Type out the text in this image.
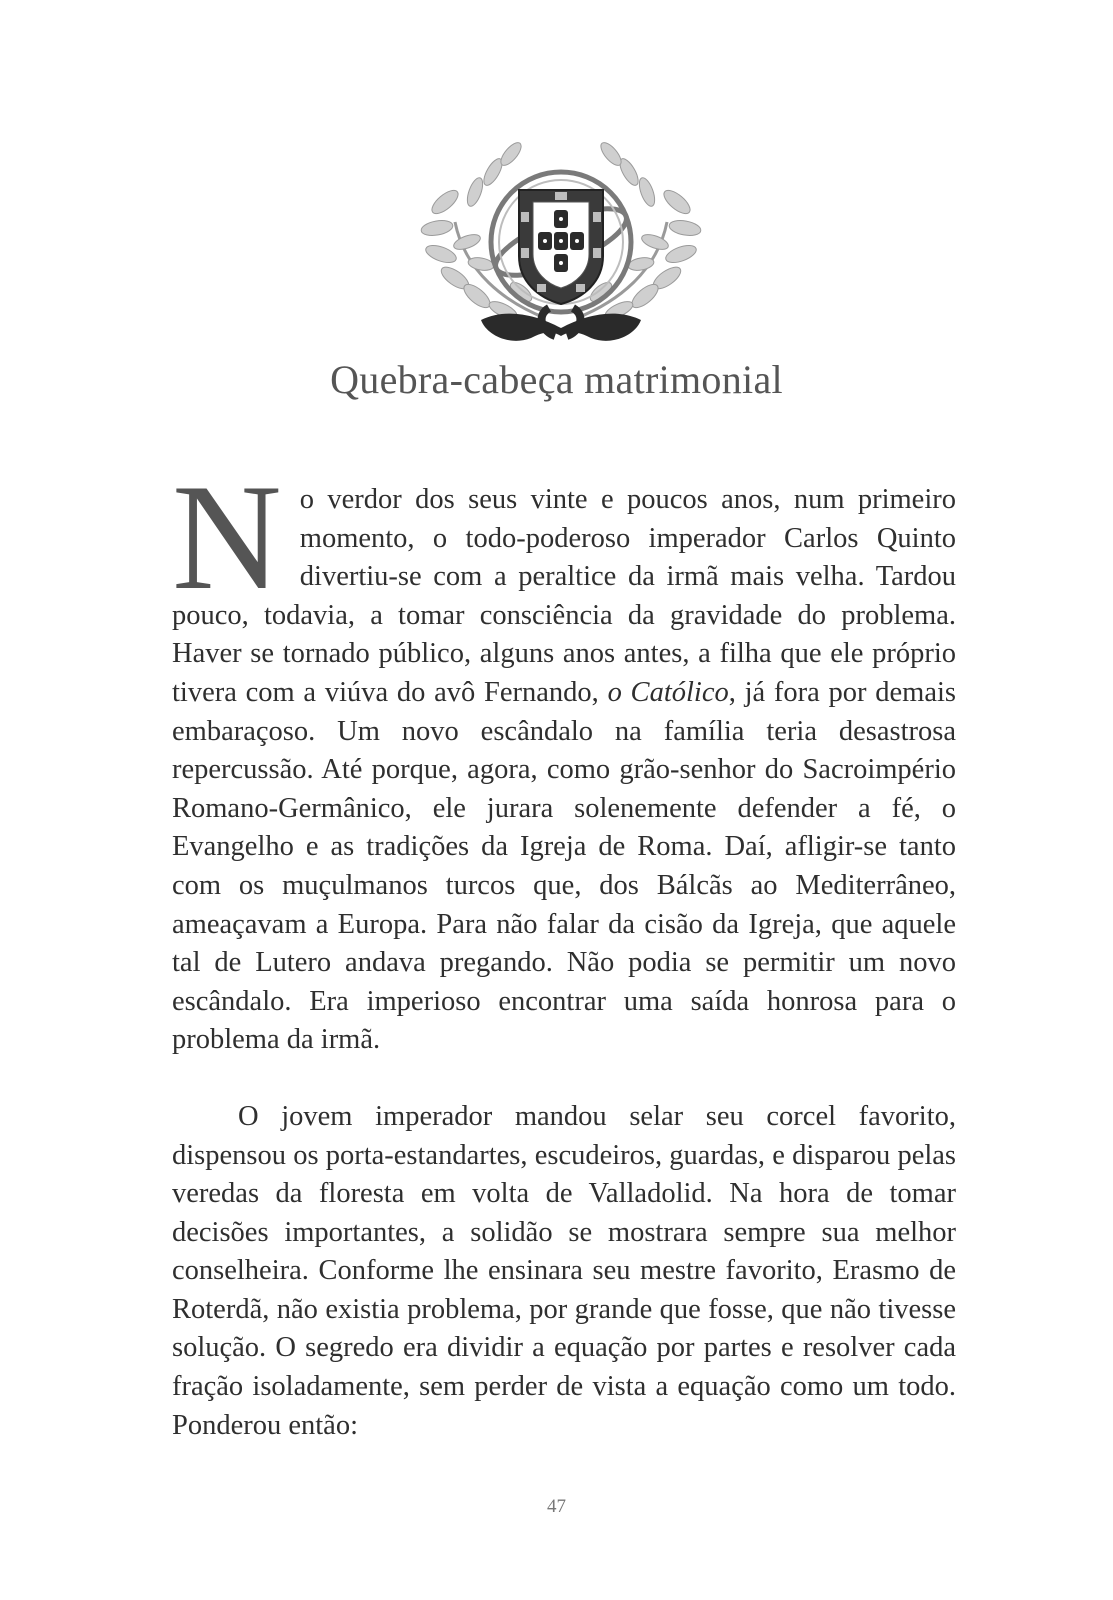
Quebra-cabeça matrimonial

No verdor dos seus vinte e poucos anos, num primeiro momento, o todo-poderoso imperador Carlos Quinto divertiu-se com a peraltice da irmã mais velha. Tardou pouco, todavia, a tomar consciência da gravidade do problema. Haver se tornado público, alguns anos antes, a filha que ele próprio tivera com a viúva do avô Fernando, o Católico, já fora por demais embaraçoso. Um novo escândalo na família teria desastrosa repercussão. Até porque, agora, como grão-senhor do Sacroimpério Romano-Germânico, ele jurara solenemente defender a fé, o Evangelho e as tradições da Igreja de Roma. Daí, afligir-se tanto com os muçulmanos turcos que, dos Bálcãs ao Mediterrâneo, ameaçavam a Europa. Para não falar da cisão da Igreja, que aquele tal de Lutero andava pregando. Não podia se permitir um novo escândalo. Era imperioso encontrar uma saída honrosa para o problema da irmã.

O jovem imperador mandou selar seu corcel favorito, dispensou os porta-estandartes, escudeiros, guardas, e disparou pelas veredas da floresta em volta de Valladolid. Na hora de tomar decisões importantes, a solidão se mostrara sempre sua melhor conselheira. Conforme lhe ensinara seu mestre favorito, Erasmo de Roterdã, não existia problema, por grande que fosse, que não tivesse solução. O segredo era dividir a equação por partes e resolver cada fração isoladamente, sem perder de vista a equação como um todo. Ponderou então:

47
